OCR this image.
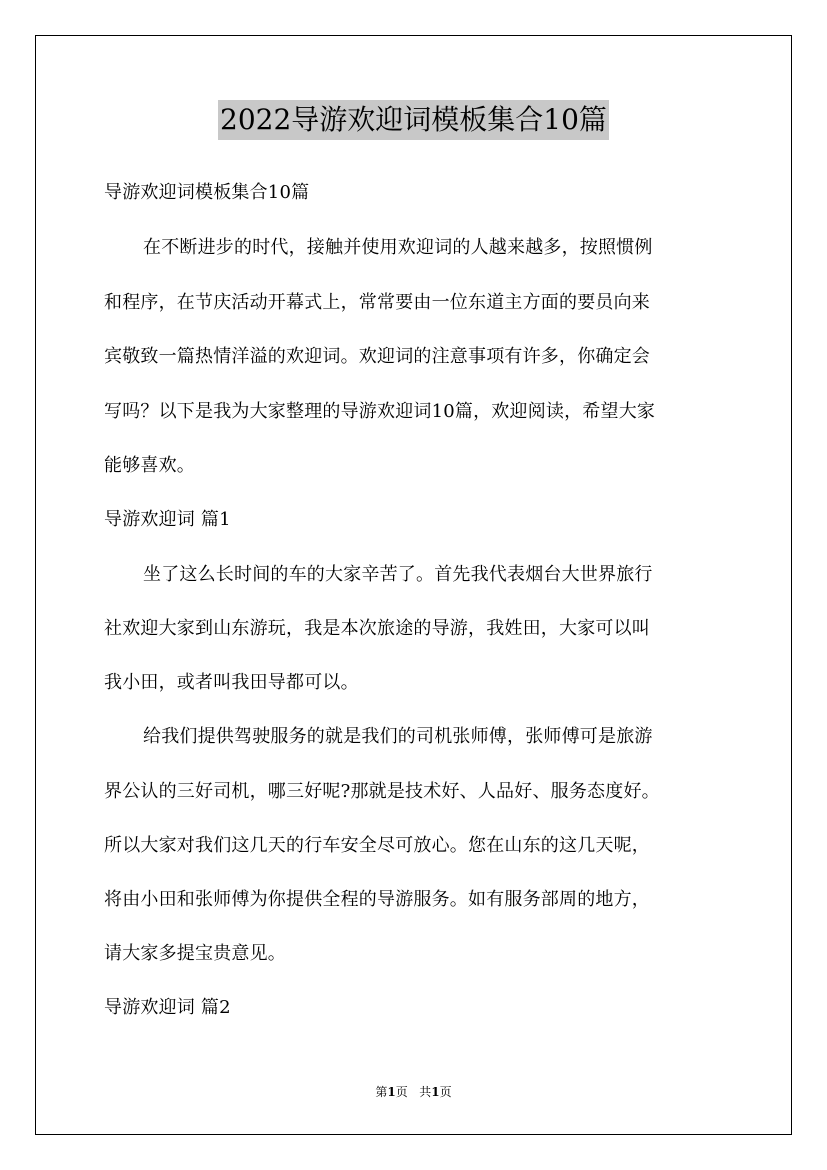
2022导游欢迎词模板集合10篇
导游欢迎词模板集合10篇
在不断进步的时代，接触并使用欢迎词的人越来越多，按照惯例
和程序，在节庆活动开幕式上，常常要由一位东道主方面的要员向来
宾敬致一篇热情洋溢的欢迎词。欢迎词的注意事项有许多，你确定会
写吗？以下是我为大家整理的导游欢迎词10篇，欢迎阅读，希望大家
能够喜欢。
导游欢迎词 篇1
坐了这么长时间的车的大家辛苦了。首先我代表烟台大世界旅行
社欢迎大家到山东游玩，我是本次旅途的导游，我姓田，大家可以叫
我小田，或者叫我田导都可以。
给我们提供驾驶服务的就是我们的司机张师傅，张师傅可是旅游
界公认的三好司机，哪三好呢?那就是技术好、人品好、服务态度好。
所以大家对我们这几天的行车安全尽可放心。您在山东的这几天呢，
将由小田和张师傅为你提供全程的导游服务。如有服务部周的地方，
请大家多提宝贵意见。
导游欢迎词 篇2
第1页 共1页
